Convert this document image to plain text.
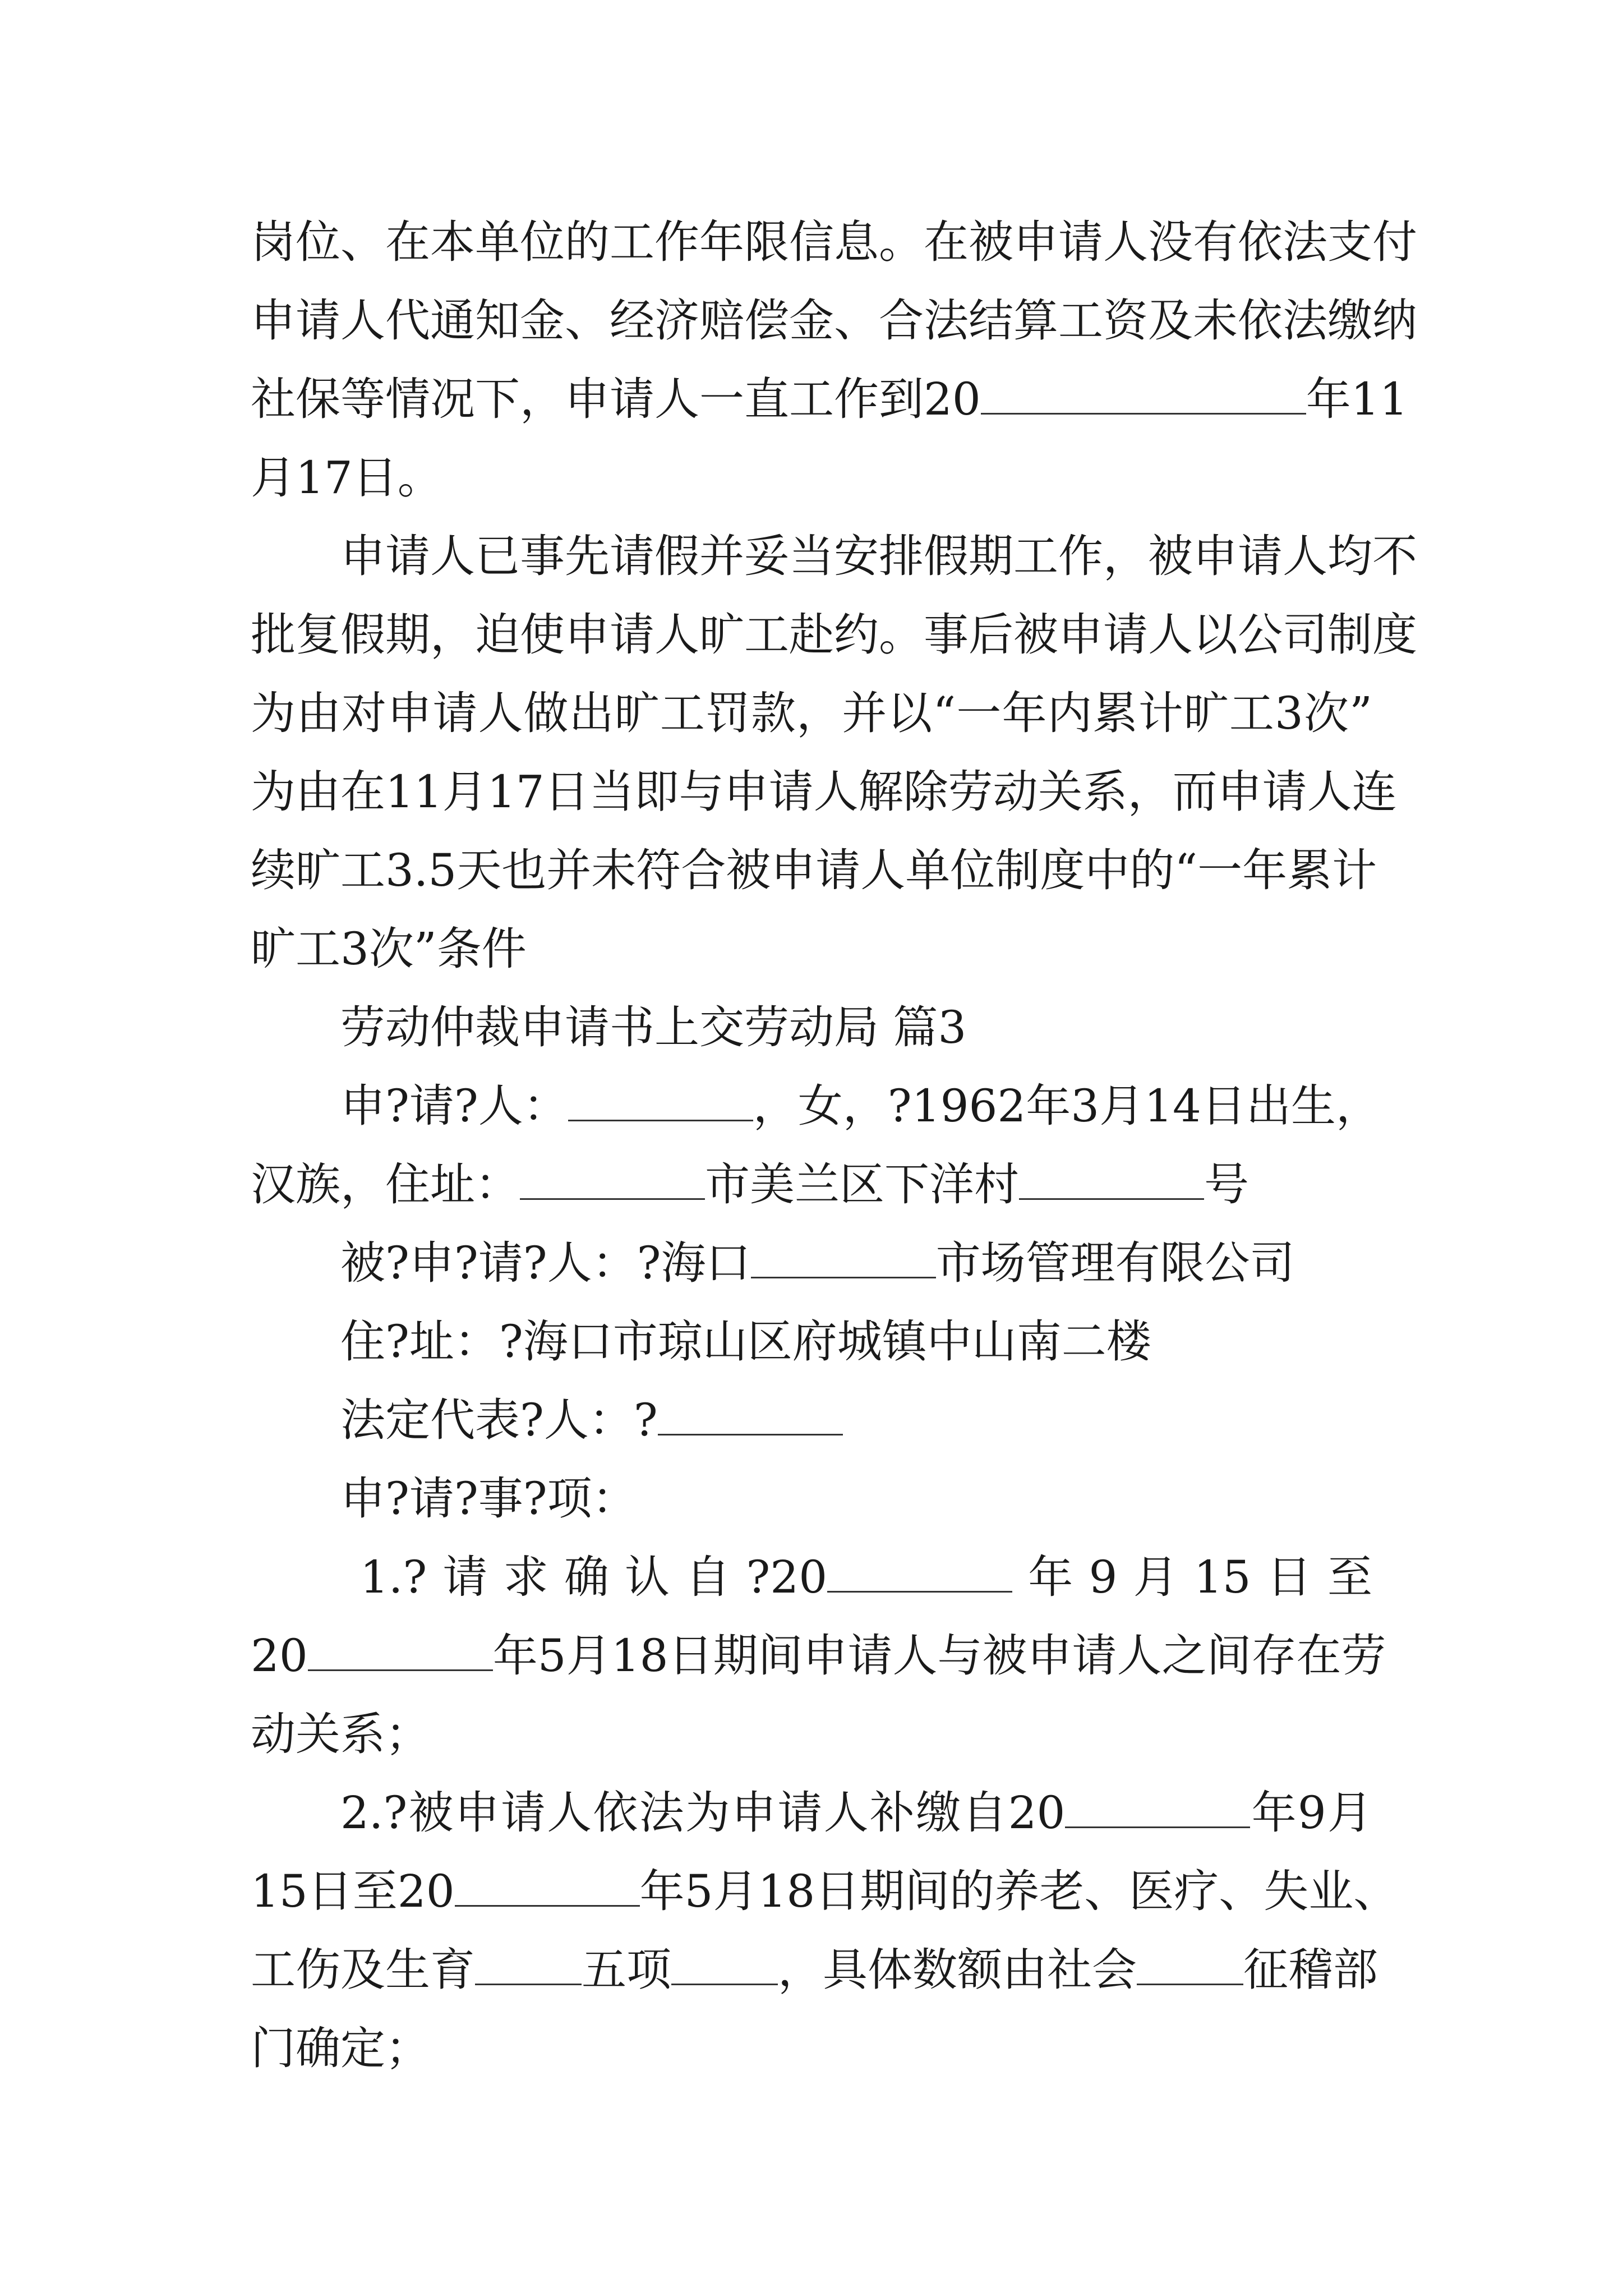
岗位、在本单位的工作年限信息。在被申请人没有依法支付
申请人代通知金、经济赔偿金、合法结算工资及未依法缴纳
社保等情况下，申请人一直工作到20	年11
月17日。
申请人已事先请假并妥当安排假期工作，被申请人均不
批复假期，迫使申请人旷工赴约。事后被申请人以公司制度
为由对申请人做出旷工罚款，并以“一年内累计旷工3次”
为由在11月17日当即与申请人解除劳动关系，而申请人连
续旷工3.5天也并未符合被申请人单位制度中的“一年累计
旷工3次”条件
劳动仲裁申请书上交劳动局 篇3
申?请?人：	，女，?1962年3月14日出生，
汉族，住址：	市美兰区下洋村	号
被?申?请?人：?海口	市场管理有限公司
住?址：?海口市琼山区府城镇中山南二楼
法定代表?人：?
申?请?事?项：
1.?请求确认自?20	年9月15日至
20	年5月18日期间申请人与被申请人之间存在劳
动关系；
2.?被申请人依法为申请人补缴自20	年9月
15日至20	年5月18日期间的养老、医疗、失业、
工伤及生育 五项 ，具体数额由社会 征稽部
门确定；
